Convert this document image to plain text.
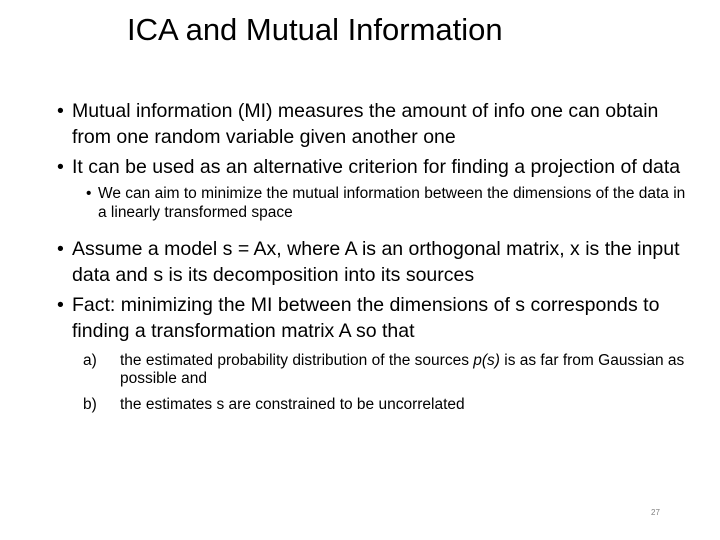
ICA and Mutual Information
• Mutual information (MI) measures the amount of info one can obtain from one random variable given another one
• It can be used as an alternative criterion for finding a projection of data
• We can aim to minimize the mutual information between the dimensions of the data in a linearly transformed space
• Assume a model s = Ax, where A is an orthogonal matrix, x is the input data and s is its decomposition into its sources
• Fact: minimizing the MI between the dimensions of s corresponds to finding a transformation matrix A so that
a) the estimated probability distribution of the sources p(s) is as far from Gaussian as possible and
b) the estimates s are constrained to be uncorrelated
27
